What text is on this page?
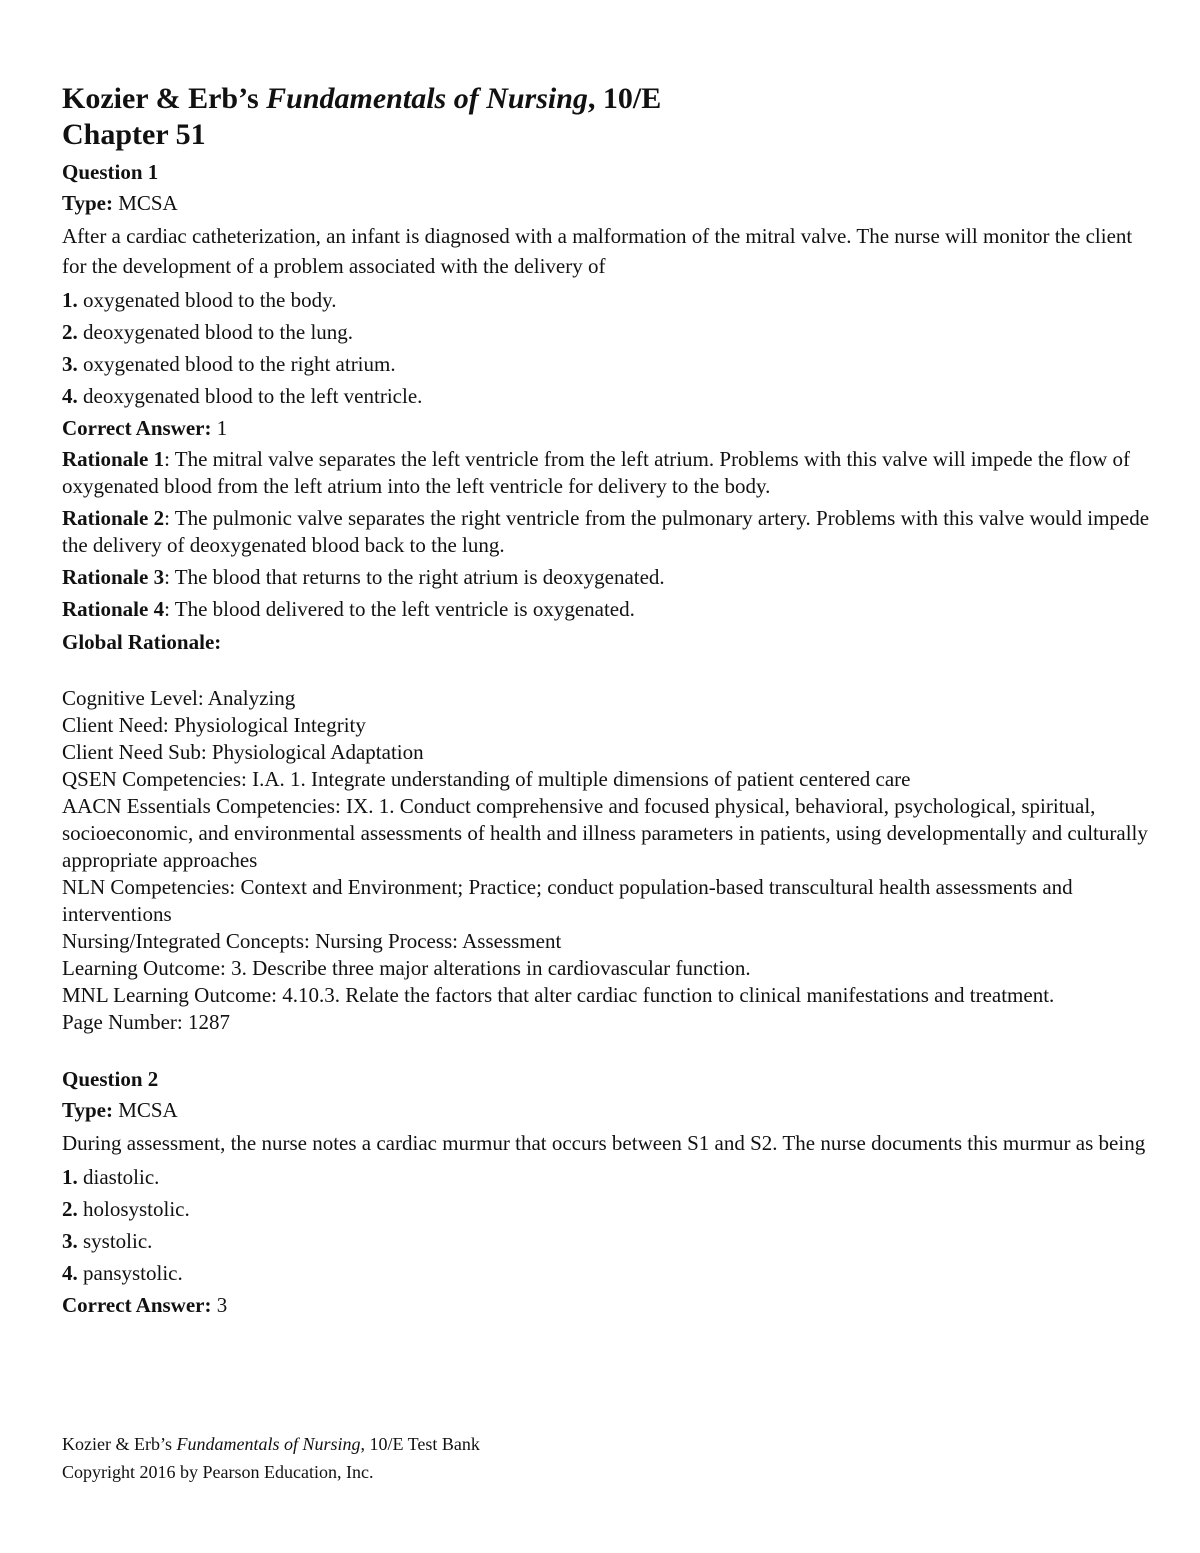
Kozier & Erb’s Fundamentals of Nursing, 10/E
Chapter 51
Question 1
Type: MCSA
After a cardiac catheterization, an infant is diagnosed with a malformation of the mitral valve. The nurse will monitor the client for the development of a problem associated with the delivery of
1. oxygenated blood to the body.
2. deoxygenated blood to the lung.
3. oxygenated blood to the right atrium.
4. deoxygenated blood to the left ventricle.
Correct Answer: 1
Rationale 1: The mitral valve separates the left ventricle from the left atrium. Problems with this valve will impede the flow of oxygenated blood from the left atrium into the left ventricle for delivery to the body.
Rationale 2: The pulmonic valve separates the right ventricle from the pulmonary artery. Problems with this valve would impede the delivery of deoxygenated blood back to the lung.
Rationale 3: The blood that returns to the right atrium is deoxygenated.
Rationale 4: The blood delivered to the left ventricle is oxygenated.
Global Rationale:
Cognitive Level: Analyzing
Client Need: Physiological Integrity
Client Need Sub: Physiological Adaptation
QSEN Competencies: I.A. 1. Integrate understanding of multiple dimensions of patient centered care
AACN Essentials Competencies: IX. 1. Conduct comprehensive and focused physical, behavioral, psychological, spiritual, socioeconomic, and environmental assessments of health and illness parameters in patients, using developmentally and culturally appropriate approaches
NLN Competencies: Context and Environment; Practice; conduct population-based transcultural health assessments and interventions
Nursing/Integrated Concepts: Nursing Process: Assessment
Learning Outcome: 3. Describe three major alterations in cardiovascular function.
MNL Learning Outcome: 4.10.3. Relate the factors that alter cardiac function to clinical manifestations and treatment.
Page Number: 1287
Question 2
Type: MCSA
During assessment, the nurse notes a cardiac murmur that occurs between S1 and S2. The nurse documents this murmur as being
1. diastolic.
2. holosystolic.
3. systolic.
4. pansystolic.
Correct Answer: 3
Kozier & Erb’s Fundamentals of Nursing, 10/E Test Bank
Copyright 2016 by Pearson Education, Inc.
